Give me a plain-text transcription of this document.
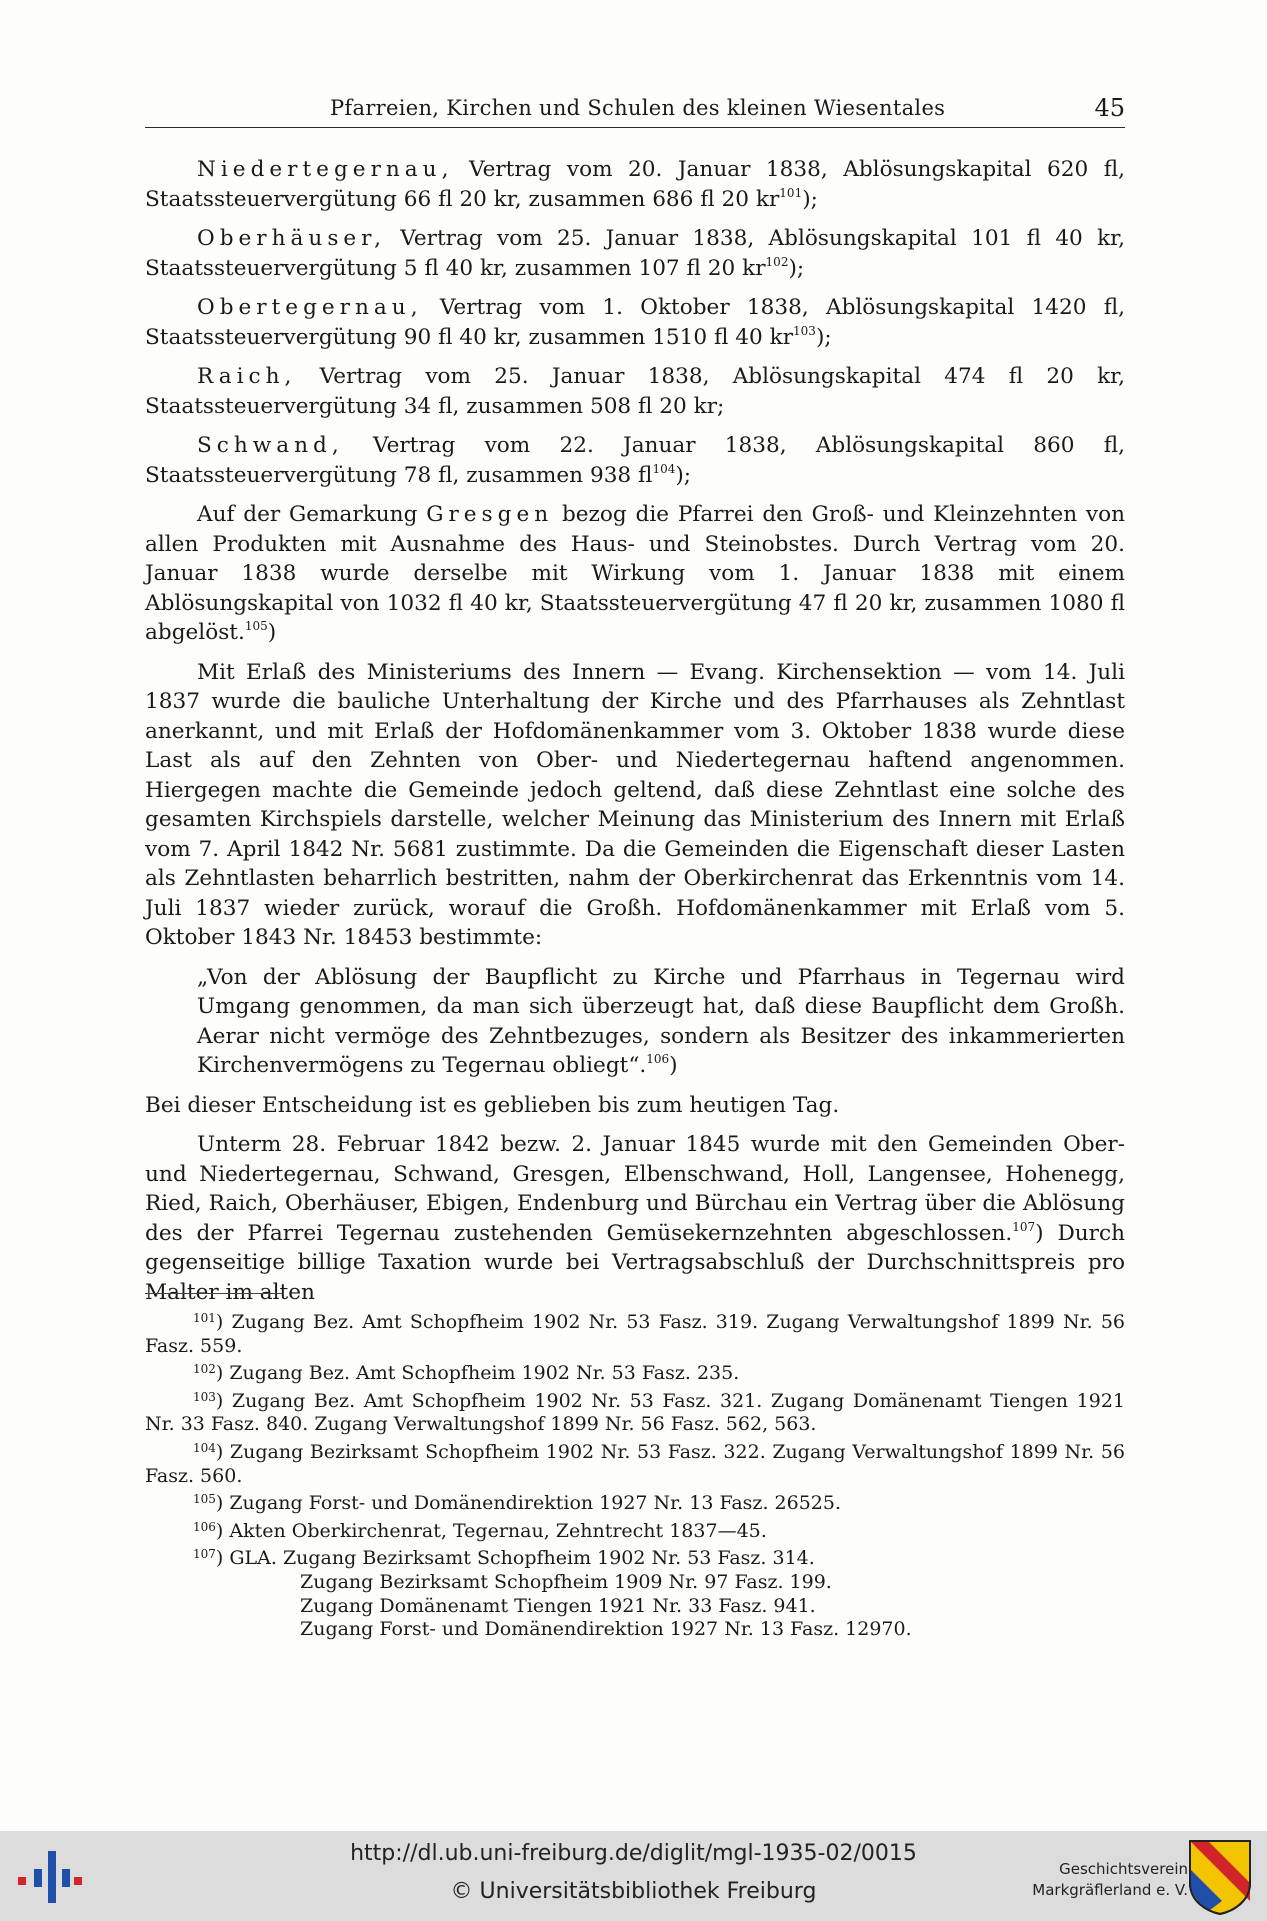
Pfarreien, Kirchen und Schulen des kleinen Wiesentales	45

Niedertegernau, Vertrag vom 20. Januar 1838, Ablösungskapital 620 fl, Staatssteuervergütung 66 fl 20 kr, zusammen 686 fl 20 $kr^{101}$);

Oberhäuser, Vertrag vom 25. Januar 1838, Ablösungskapital 101 fl 40 kr, Staatssteuervergütung 5 fl 40 kr, zusammen 107 fl 20 $kr^{102}$);

Obertegernau, Vertrag vom 1. Oktober 1838, Ablösungskapital 1420 fl, Staatssteuervergütung 90 fl 40 kr, zusammen 1510 fl 40 $kr^{103}$);

Raich, Vertrag vom 25. Januar 1838, Ablösungskapital 474 fl 20 kr, Staatssteuervergütung 34 fl, zusammen 508 fl 20 kr;

Schwand, Vertrag vom 22. Januar 1838, Ablösungskapital 860 fl, Staatssteuervergütung 78 fl, zusammen 938 $fl^{104}$);

Auf der Gemarkung Gresgen bezog die Pfarrei den Groß- und Kleinzehnten von allen Produkten mit Ausnahme des Haus- und Steinobstes. Durch Vertrag vom 20. Januar 1838 wurde derselbe mit Wirkung vom 1. Januar 1838 mit einem Ablösungskapital von 1032 fl 40 kr, Staatssteuervergütung 47 fl 20 kr, zusammen 1080 fl abgelöst.$^{105}$)

Mit Erlaß des Ministeriums des Innern — Evang. Kirchensektion — vom 14. Juli 1837 wurde die bauliche Unterhaltung der Kirche und des Pfarrhauses als Zehntlast anerkannt, und mit Erlaß der Hofdomänenkammer vom 3. Oktober 1838 wurde diese Last als auf den Zehnten von Ober- und Niedertegernau haftend angenommen. Hiergegen machte die Gemeinde jedoch geltend, daß diese Zehntlast eine solche des gesamten Kirchspiels darstelle, welcher Meinung das Ministerium des Innern mit Erlaß vom 7. April 1842 Nr. 5681 zustimmte. Da die Gemeinden die Eigenschaft dieser Lasten als Zehntlasten beharrlich bestritten, nahm der Oberkirchenrat das Erkenntnis vom 14. Juli 1837 wieder zurück, worauf die Großh. Hofdomänenkammer mit Erlaß vom 5. Oktober 1843 Nr. 18453 bestimmte:

„Von der Ablösung der Baupflicht zu Kirche und Pfarrhaus in Tegernau wird Umgang genommen, da man sich überzeugt hat, daß diese Baupflicht dem Großh. Aerar nicht vermöge des Zehntbezuges, sondern als Besitzer des inkammerierten Kirchenvermögens zu Tegernau obliegt“.$^{106}$)

Bei dieser Entscheidung ist es geblieben bis zum heutigen Tag.

Unterm 28. Februar 1842 bezw. 2. Januar 1845 wurde mit den Gemeinden Ober- und Niedertegernau, Schwand, Gresgen, Elbenschwand, Holl, Langensee, Hohenegg, Ried, Raich, Oberhäuser, Ebigen, Endenburg und Bürchau ein Vertrag über die Ablösung des der Pfarrei Tegernau zustehenden Gemüsekernzehnten abgeschlossen.$^{107}$) Durch gegenseitige billige Taxation wurde bei Vertragsabschluß der Durchschnittspreis pro Malter im alten

$^{101}$) Zugang Bez. Amt Schopfheim 1902 Nr. 53 Fasz. 319. Zugang Verwaltungshof 1899 Nr. 56 Fasz. 559.
$^{102}$) Zugang Bez. Amt Schopfheim 1902 Nr. 53 Fasz. 235.
$^{103}$) Zugang Bez. Amt Schopfheim 1902 Nr. 53 Fasz. 321. Zugang Domänenamt Tiengen 1921 Nr. 33 Fasz. 840. Zugang Verwaltungshof 1899 Nr. 56 Fasz. 562, 563.
$^{104}$) Zugang Bezirksamt Schopfheim 1902 Nr. 53 Fasz. 322. Zugang Verwaltungshof 1899 Nr. 56 Fasz. 560.
$^{105}$) Zugang Forst- und Domänendirektion 1927 Nr. 13 Fasz. 26525.
$^{106}$) Akten Oberkirchenrat, Tegernau, Zehntrecht 1837—45.
$^{107}$) GLA. Zugang Bezirksamt Schopfheim 1902 Nr. 53 Fasz. 314.
Zugang Bezirksamt Schopfheim 1909 Nr. 97 Fasz. 199.
Zugang Domänenamt Tiengen 1921 Nr. 33 Fasz. 941.
Zugang Forst- und Domänendirektion 1927 Nr. 13 Fasz. 12970.
http://dl.ub.uni-freiburg.de/diglit/mgl-1935-02/0015
© Universitätsbibliothek Freiburg
Geschichtsverein
Markgräflerland e. V.
